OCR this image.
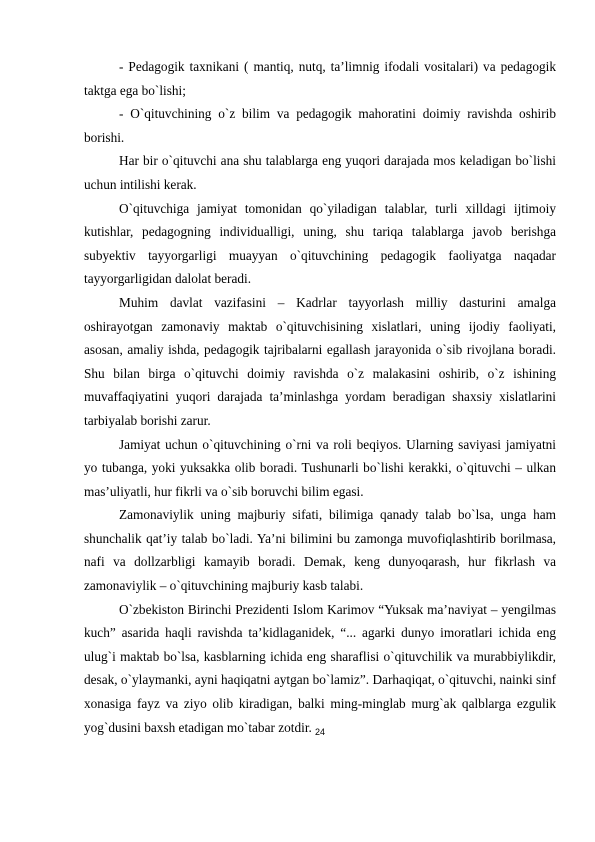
- Pedagogik taxnikani ( mantiq, nutq, ta’limnig ifodali vositalari) va pedagogik taktga ega bo`lishi;

- O`qituvchining o`z bilim va pedagogik mahoratini doimiy ravishda oshirib borishi.

Har bir o`qituvchi ana shu talablarga eng yuqori darajada mos keladigan bo`lishi uchun intilishi kerak.

O`qituvchiga jamiyat tomonidan qo`yiladigan talablar, turli xilldagi ijtimoiy kutishlar, pedagogning individualligi, uning, shu tariqa talablarga javob berishga subyektiv tayyorgarligi muayyan o`qituvchining pedagogik faoliyatga naqadar tayyorgarligidan dalolat beradi.

Muhim davlat vazifasini – Kadrlar tayyorlash milliy dasturini amalga oshirayotgan zamonaviy maktab o`qituvchisining xislatlari, uning ijodiy faoliyati, asosan, amaliy ishda, pedagogik tajribalarni egallash jarayonida o`sib rivojlana boradi. Shu bilan birga o`qituvchi doimiy ravishda o`z malakasini oshirib, o`z ishining muvaffaqiyatini yuqori darajada ta’minlashga yordam beradigan shaxsiy xislatlarini tarbiyalab borishi zarur.

Jamiyat uchun o`qituvchining o`rni va roli beqiyos. Ularning saviyasi jamiyatni yo tubanga, yoki yuksakka olib boradi. Tushunarli bo`lishi kerakki, o`qituvchi – ulkan mas’uliyatli, hur fikrli va o`sib boruvchi bilim egasi.

Zamonaviylik uning majburiy sifati, bilimiga qanady talab bo`lsa, unga ham shunchalik qat’iy talab bo`ladi. Ya’ni bilimini bu zamonga muvofiqlashtirib borilmasa, nafi va dollzarbligi kamayib boradi. Demak, keng dunyoqarash, hur fikrlash va zamonaviylik – o`qituvchining majburiy kasb talabi.

O`zbekiston Birinchi Prezidenti Islom Karimov “Yuksak ma’naviyat – yengilmas kuch” asarida haqli ravishda ta’kidlaganidek, “... agarki dunyo imoratlari ichida eng ulug`i maktab bo`lsa, kasblarning ichida eng sharaflisi o`qituvchilik va murabbiylikdir, desak, o`ylaymanki, ayni haqiqatni aytgan bo`lamiz”. Darhaqiqat, o`qituvchi, nainki sinf xonasiga fayz va ziyo olib kiradigan, balki ming-minglab murg`ak qalblarga ezgulik yog`dusini baxsh etadigan mo`tabar zotdir. 24
